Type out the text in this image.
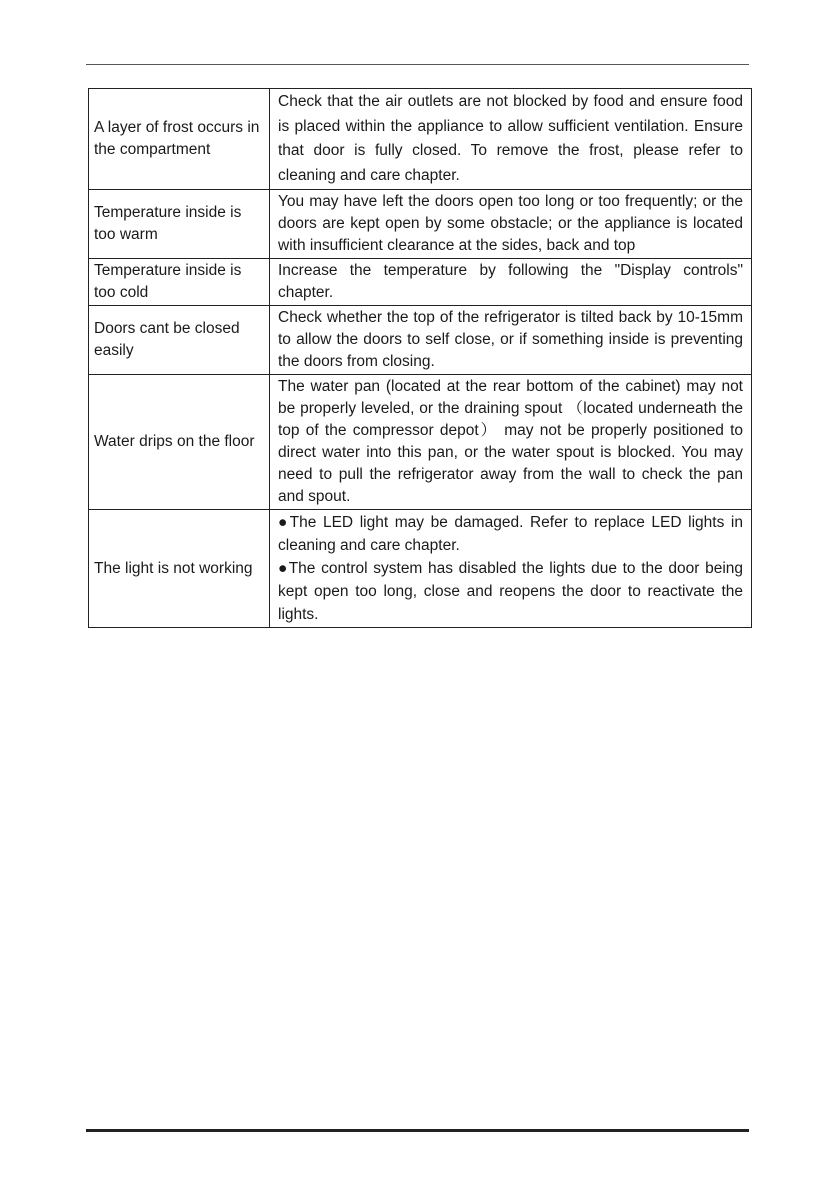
A layer of frost occurs in the compartment	Check that the air outlets are not blocked by food and ensure food is placed within the appliance to allow sufficient ventilation. Ensure that door is fully closed. To remove the frost, please refer to cleaning and care chapter.
Temperature inside is too warm	You may have left the doors open too long or too frequently; or the doors are kept open by some obstacle; or the appliance is located with insufficient clearance at the sides, back and top
Temperature inside is too cold	Increase the temperature by following the "Display controls" chapter.
Doors cant be closed easily	Check whether the top of the refrigerator is tilted back by 10-15mm to allow the doors to self close, or if something inside is preventing the doors from closing.
Water drips on the floor	The water pan (located at the rear bottom of the cabinet) may not be properly leveled, or the draining spout （located underneath the top of the compressor depot） may not be properly positioned to direct water into this pan, or the water spout is blocked. You may need to pull the refrigerator away from the wall to check the pan and spout.
The light is not working	●The LED light may be damaged. Refer to replace LED lights in cleaning and care chapter.
●The control system has disabled the lights due to the door being kept open too long, close and reopens the door to reactivate the lights.
